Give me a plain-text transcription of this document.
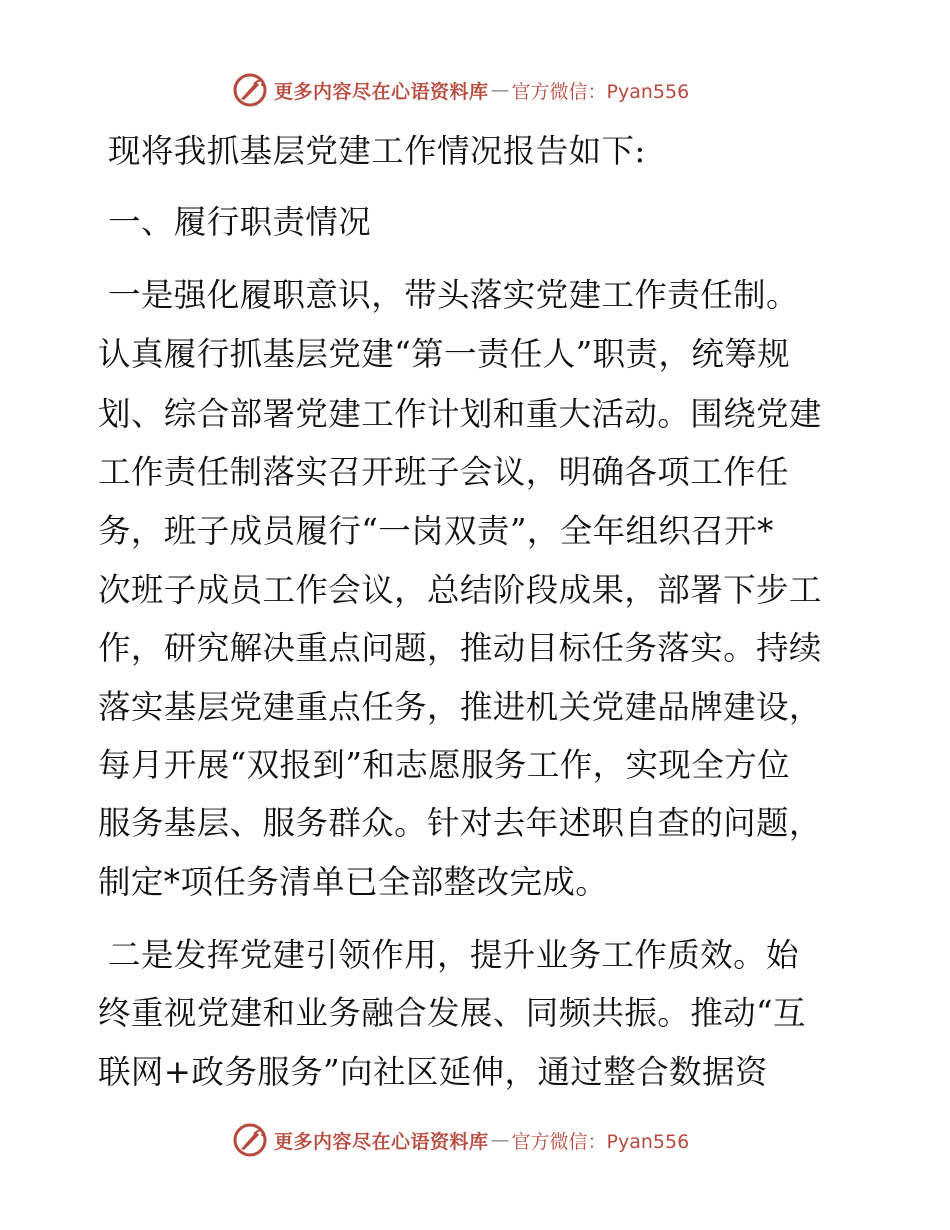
更多内容尽在心语资料库 — 官方微信：Pyan556
现将我抓基层党建工作情况报告如下:
一、履行职责情况
一是强化履职意识，带头落实党建工作责任制。
认真履行抓基层党建“第一责任人”职责，统筹规
划、综合部署党建工作计划和重大活动。围绕党建
工作责任制落实召开班子会议，明确各项工作任
务，班子成员履行“一岗双责”，全年组织召开*
次班子成员工作会议，总结阶段成果，部署下步工
作，研究解决重点问题，推动目标任务落实。持续
落实基层党建重点任务，推进机关党建品牌建设，
每月开展“双报到”和志愿服务工作，实现全方位
服务基层、服务群众。针对去年述职自查的问题，
制定*项任务清单已全部整改完成。
二是发挥党建引领作用，提升业务工作质效。始
终重视党建和业务融合发展、同频共振。推动“互
联网+政务服务”向社区延伸，通过整合数据资
更多内容尽在心语资料库 — 官方微信：Pyan556
